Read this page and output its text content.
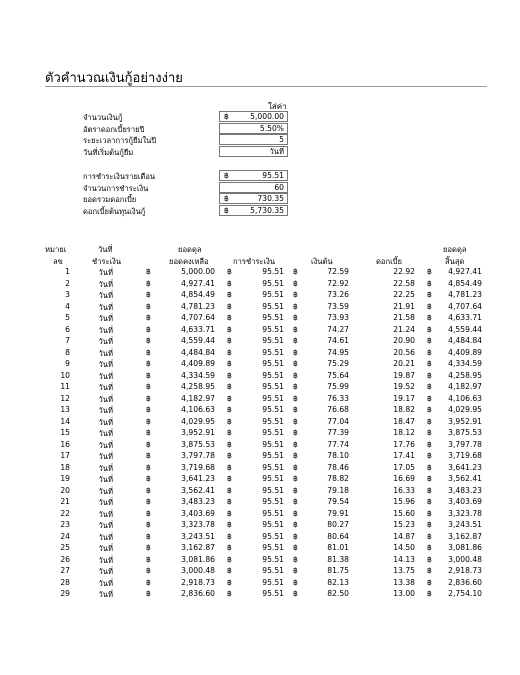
ตัวคำนวณเงินกู้อย่างง่าย
ใส่ค่า
จำนวนเงินกู้	฿	5,000.00
อัตราดอกเบี้ยรายปี	5.50%
ระยะเวลาการกู้ยืมในปี	5
วันที่เริ่มต้นกู้ยืม	วันที่
การชำระเงินรายเดือน	฿	95.51
จำนวนการชำระเงิน	60
ยอดรวมดอกเบี้ย	฿	730.35
ดอกเบี้ยต้นทุนเงินกู้	฿	5,730.35
หมายเ
ลข
วันที่
ชำระเงิน
ยอดดุล
ยอดคงเหลือ	การชำระเงิน	เงินต้น	ดอกเบี้ย
ยอดดุล
สิ้นสุด
1	วันที่	฿	5,000.00 ฿	95.51 ฿	72.59	22.92 ฿	4,927.41
2	วันที่	฿	4,927.41 ฿	95.51 ฿	72.92	22.58 ฿	4,854.49
3	วันที่	฿	4,854.49 ฿	95.51 ฿	73.26	22.25 ฿	4,781.23
4	วันที่	฿	4,781.23 ฿	95.51 ฿	73.59	21.91 ฿	4,707.64
5	วันที่	฿	4,707.64 ฿	95.51 ฿	73.93	21.58 ฿	4,633.71
6	วันที่	฿	4,633.71 ฿	95.51 ฿	74.27	21.24 ฿	4,559.44
7	วันที่	฿	4,559.44 ฿	95.51 ฿	74.61	20.90 ฿	4,484.84
8	วันที่	฿	4,484.84 ฿	95.51 ฿	74.95	20.56 ฿	4,409.89
9	วันที่	฿	4,409.89 ฿	95.51 ฿	75.29	20.21 ฿	4,334.59
10	วันที่	฿	4,334.59 ฿	95.51 ฿	75.64	19.87 ฿	4,258.95
11	วันที่	฿	4,258.95 ฿	95.51 ฿	75.99	19.52 ฿	4,182.97
12	วันที่	฿	4,182.97 ฿	95.51 ฿	76.33	19.17 ฿	4,106.63
13	วันที่	฿	4,106.63 ฿	95.51 ฿	76.68	18.82 ฿	4,029.95
14	วันที่	฿	4,029.95 ฿	95.51 ฿	77.04	18.47 ฿	3,952.91
15	วันที่	฿	3,952.91 ฿	95.51 ฿	77.39	18.12 ฿	3,875.53
16	วันที่	฿	3,875.53 ฿	95.51 ฿	77.74	17.76 ฿	3,797.78
17	วันที่	฿	3,797.78 ฿	95.51 ฿	78.10	17.41 ฿	3,719.68
18	วันที่	฿	3,719.68 ฿	95.51 ฿	78.46	17.05 ฿	3,641.23
19	วันที่	฿	3,641.23 ฿	95.51 ฿	78.82	16.69 ฿	3,562.41
20	วันที่	฿	3,562.41 ฿	95.51 ฿	79.18	16.33 ฿	3,483.23
21	วันที่	฿	3,483.23 ฿	95.51 ฿	79.54	15.96 ฿	3,403.69
22	วันที่	฿	3,403.69 ฿	95.51 ฿	79.91	15.60 ฿	3,323.78
23	วันที่	฿	3,323.78 ฿	95.51 ฿	80.27	15.23 ฿	3,243.51
24	วันที่	฿	3,243.51 ฿	95.51 ฿	80.64	14.87 ฿	3,162.87
25	วันที่	฿	3,162.87 ฿	95.51 ฿	81.01	14.50 ฿	3,081.86
26	วันที่	฿	3,081.86 ฿	95.51 ฿	81.38	14.13 ฿	3,000.48
27	วันที่	฿	3,000.48 ฿	95.51 ฿	81.75	13.75 ฿	2,918.73
28	วันที่	฿	2,918.73 ฿	95.51 ฿	82.13	13.38 ฿	2,836.60
29	วันที่	฿	2,836.60 ฿	95.51 ฿	82.50	13.00 ฿	2,754.10
